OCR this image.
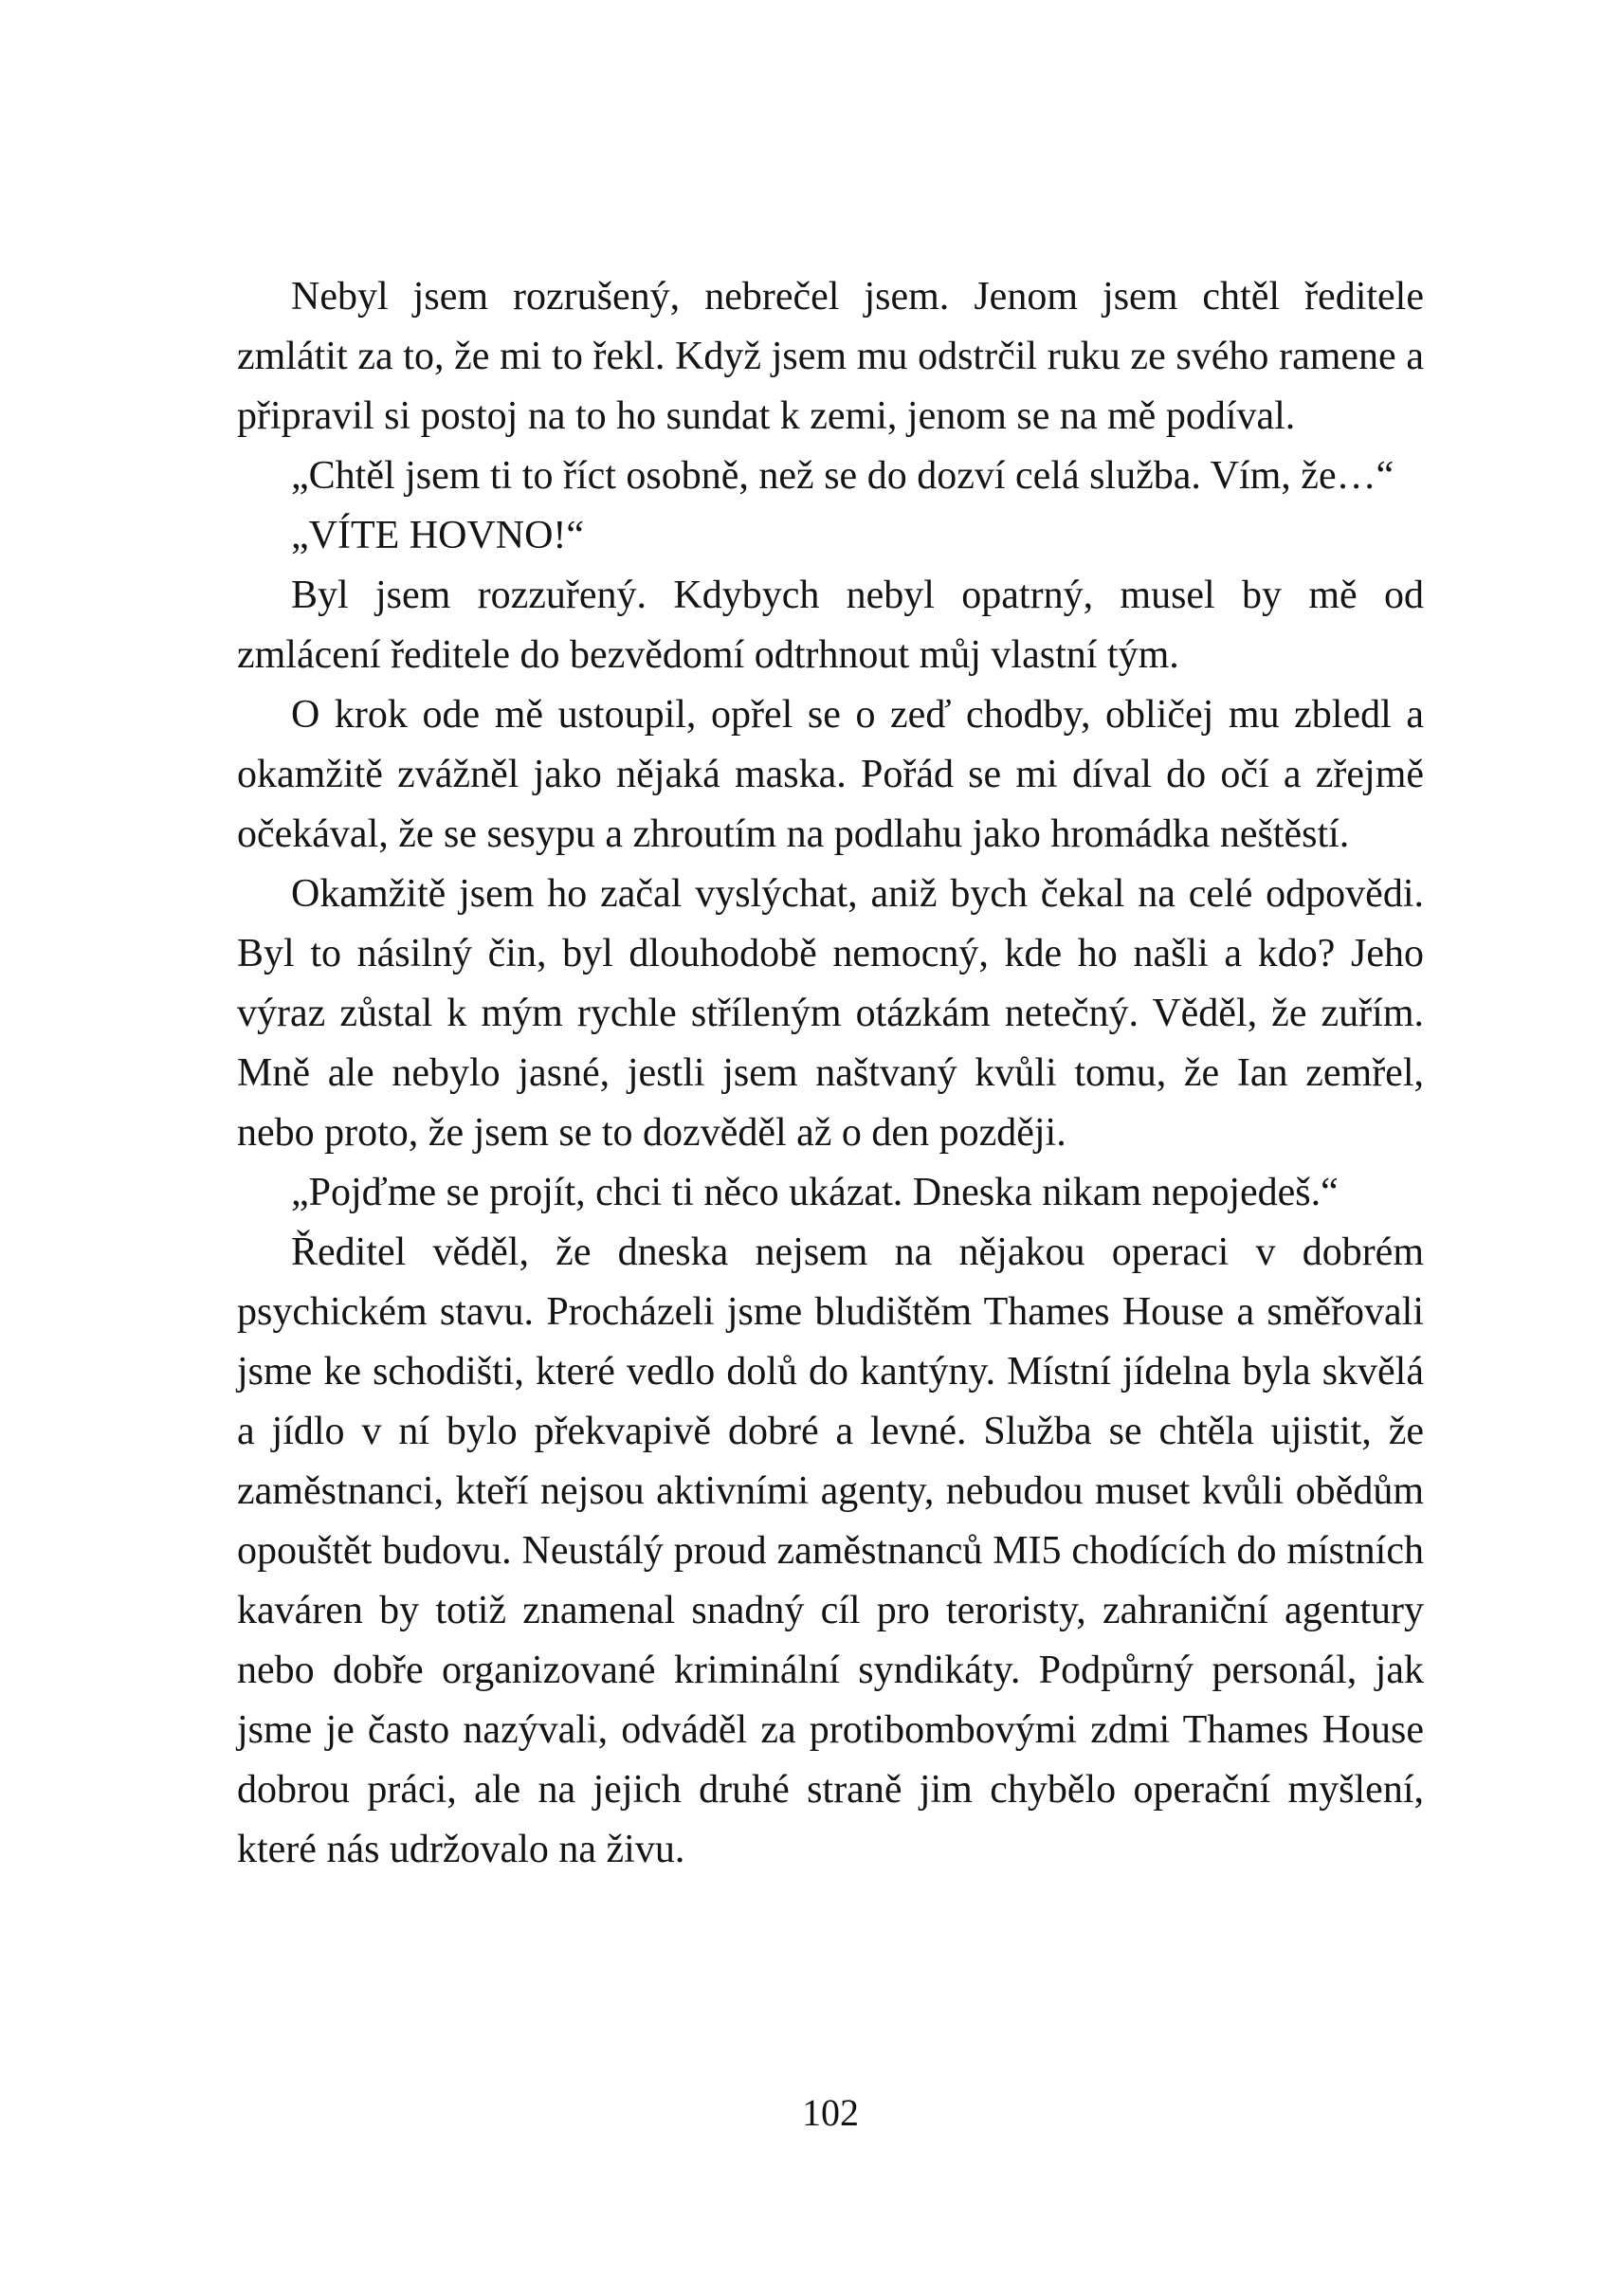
Nebyl jsem rozrušený, nebrečel jsem. Jenom jsem chtěl ředitele zmlátit za to, že mi to řekl. Když jsem mu odstrčil ruku ze svého ramene a připravil si postoj na to ho sundat k zemi, jenom se na mě podíval.

„Chtěl jsem ti to říct osobně, než se do dozví celá služba. Vím, že…“

„VÍTE HOVNO!“

Byl jsem rozzuřený. Kdybych nebyl opatrný, musel by mě od zmlácení ředitele do bezvědomí odtrhnout můj vlastní tým.

O krok ode mě ustoupil, opřel se o zeď chodby, obličej mu zbledl a okamžitě zvážněl jako nějaká maska. Pořád se mi díval do očí a zřejmě očekával, že se sesypu a zhroutím na podlahu jako hromádka neštěstí.

Okamžitě jsem ho začal vyslýchat, aniž bych čekal na celé odpovědi. Byl to násilný čin, byl dlouhodobě nemocný, kde ho našli a kdo? Jeho výraz zůstal k mým rychle stříleným otázkám netečný. Věděl, že zuřím. Mně ale nebylo jasné, jestli jsem naštvaný kvůli tomu, že Ian zemřel, nebo proto, že jsem se to dozvěděl až o den později.

„Pojďme se projít, chci ti něco ukázat. Dneska nikam nepojedeš.“

Ředitel věděl, že dneska nejsem na nějakou operaci v dobrém psychickém stavu. Procházeli jsme bludištěm Thames House a směřovali jsme ke schodišti, které vedlo dolů do kantýny. Místní jídelna byla skvělá a jídlo v ní bylo překvapivě dobré a levné. Služba se chtěla ujistit, že zaměstnanci, kteří nejsou aktivními agenty, nebudou muset kvůli obědům opouštět budovu. Neustálý proud zaměstnanců MI5 chodících do místních kaváren by totiž znamenal snadný cíl pro teroristy, zahraniční agentury nebo dobře organizované kriminální syndikáty. Podpůrný personál, jak jsme je často nazývali, odváděl za protibombovými zdmi Thames House dobrou práci, ale na jejich druhé straně jim chybělo operační myšlení, které nás udržovalo na živu.

102
